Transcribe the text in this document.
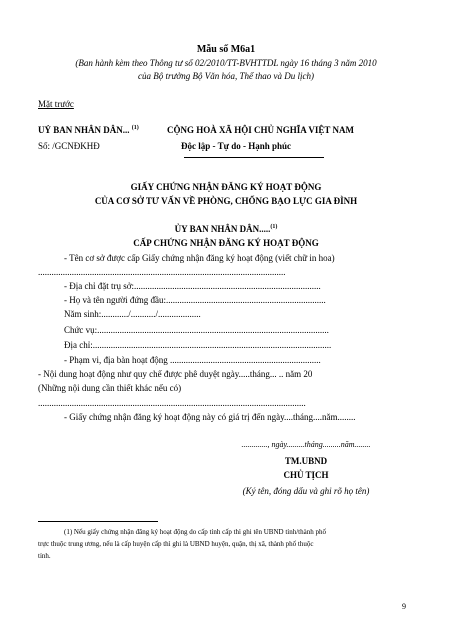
Mẫu số M6a1
(Ban hành kèm theo Thông tư số 02/2010/TT-BVHTTDL ngày 16 tháng 3 năm 2010
của Bộ trưởng Bộ Văn hóa, Thể thao và Du lịch)
Mặt trước
UỶ BAN NHÂN DÂN... $^{(1)}$	CỘNG HOÀ XÃ HỘI CHỦ NGHĨA VIỆT NAM
Số: /GCNĐKHĐ	Độc lập - Tự do - Hạnh phúc
GIẤY CHỨNG NHẬN ĐĂNG KÝ HOẠT ĐỘNG
CỦA CƠ SỞ TƯ VẤN VỀ PHÒNG, CHỐNG BẠO LỰC GIA ĐÌNH
ỦY BAN NHÂN DÂN.....$^{(1)}$
CẤP CHỨNG NHẬN ĐĂNG KÝ HOẠT ĐỘNG
- Tên cơ sở được cấp Giấy chứng nhận đăng ký hoạt động (viết chữ in hoa)
..............................................................................................................
- Địa chỉ đặt trụ sở:...................................................................................
- Họ và tên người đứng đầu:.......................................................................
Năm sinh:............/.........../...................
Chức vụ:.......................................................................................................
Địa chỉ:..........................................................................................................
- Phạm vi, địa bàn hoạt động ...................................................................
- Nội dung hoạt động như quy chế được phê duyệt ngày.....tháng... .. năm 20
(Những nội dung cần thiết khác nếu có)
.......................................................................................................................
- Giấy chứng nhận đăng ký hoạt động này có giá trị đến ngày....tháng....năm........
............., ngày.........tháng.........năm........
TM.UBND
CHỦ TỊCH
(Ký tên, đóng dấu và ghi rõ họ tên)
(1) Nếu giấy chứng nhận đăng ký hoạt động do cấp tỉnh cấp thì ghi tên UBND tỉnh/thành phố
trực thuộc trung ương, nếu là cấp huyện cấp thì ghi là UBND huyện, quận, thị xã, thành phố thuộc
tỉnh.
9
